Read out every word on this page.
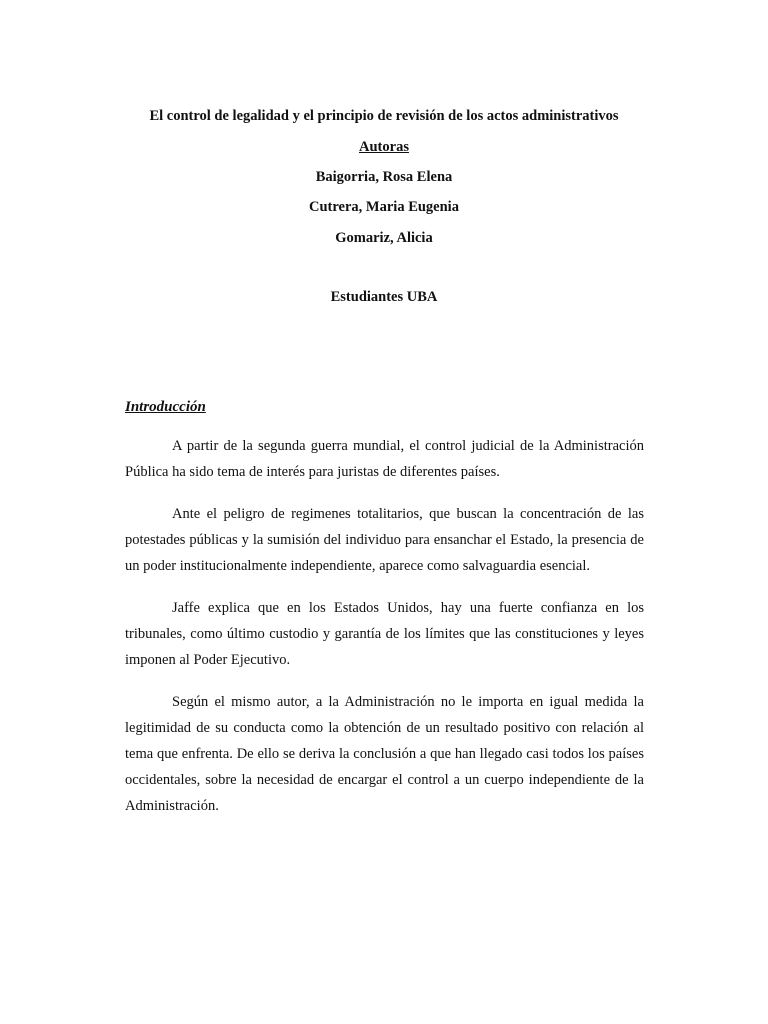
El control de legalidad y el principio de revisión de los actos administrativos
Autoras
Baigorria, Rosa Elena
Cutrera, Maria Eugenia
Gomariz, Alicia
Estudiantes UBA
Introducción

A partir de la segunda guerra mundial, el control judicial de la Administración Pública ha sido tema de interés para juristas de diferentes países.

Ante el peligro de regimenes totalitarios, que buscan la concentración de las potestades públicas y la sumisión del individuo para ensanchar el Estado, la presencia de un poder institucionalmente independiente, aparece como salvaguardia esencial.

Jaffe explica que en los Estados Unidos, hay una fuerte confianza en los tribunales, como último custodio y garantía de los límites que las constituciones y leyes imponen al Poder Ejecutivo.

Según el mismo autor, a la Administración no le importa en igual medida la legitimidad de su conducta como la obtención de un resultado positivo con relación al tema que enfrenta. De ello se deriva la conclusión a que han llegado casi todos los países occidentales, sobre la necesidad de encargar el control a un cuerpo independiente de la Administración.
